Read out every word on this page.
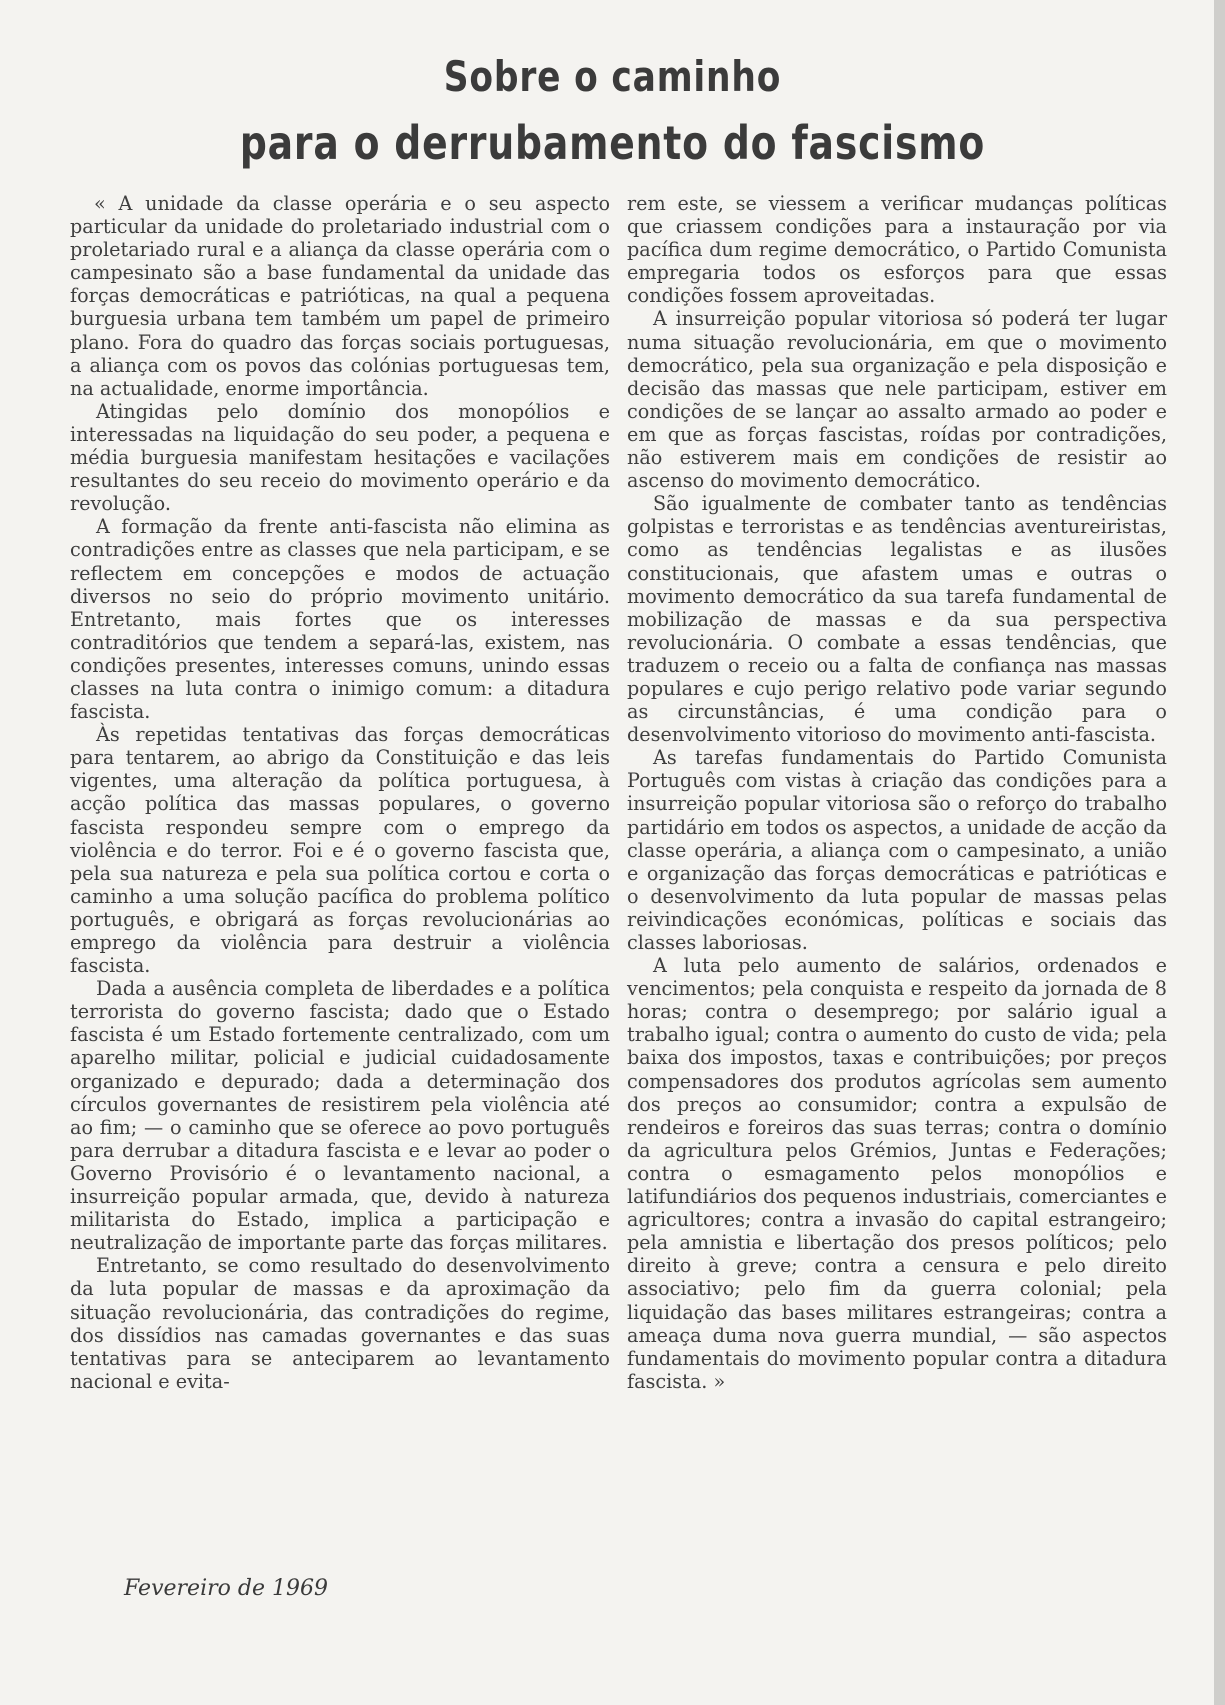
Sobre o caminho
para o derrubamento do fascismo

« A unidade da classe operária e o seu aspecto particular da unidade do proletariado industrial com o proletariado rural e a aliança da classe operária com o campesinato são a base fundamental da unidade das forças democráticas e patrióticas, na qual a pequena burguesia urbana tem também um papel de primeiro plano. Fora do quadro das forças sociais portuguesas, a aliança com os povos das colónias portuguesas tem, na actualidade, enorme importância.

Atingidas pelo domínio dos monopólios e interessadas na liquidação do seu poder, a pequena e média burguesia manifestam hesitações e vacilações resultantes do seu receio do movimento operário e da revolução.

A formação da frente anti-fascista não elimina as contradições entre as classes que nela participam, e se reflectem em concepções e modos de actuação diversos no seio do próprio movimento unitário. Entretanto, mais fortes que os interesses contraditórios que tendem a separá-las, existem, nas condições presentes, interesses comuns, unindo essas classes na luta contra o inimigo comum: a ditadura fascista.

Às repetidas tentativas das forças democráticas para tentarem, ao abrigo da Constituição e das leis vigentes, uma alteração da política portuguesa, à acção política das massas populares, o governo fascista respondeu sempre com o emprego da violência e do terror. Foi e é o governo fascista que, pela sua natureza e pela sua política cortou e corta o caminho a uma solução pacífica do problema político português, e obrigará as forças revolucionárias ao emprego da violência para destruir a violência fascista.

Dada a ausência completa de liberdades e a política terrorista do governo fascista; dado que o Estado fascista é um Estado fortemente centralizado, com um aparelho militar, policial e judicial cuidadosamente organizado e depurado; dada a determinação dos círculos governantes de resistirem pela violência até ao fim; — o caminho que se oferece ao povo português para derrubar a ditadura fascista e e levar ao poder o Governo Provisório é o levantamento nacional, a insurreição popular armada, que, devido à natureza militarista do Estado, implica a participação e neutralização de importante parte das forças militares.

Entretanto, se como resultado do desenvolvimento da luta popular de massas e da aproximação da situação revolucionária, das contradições do regime, dos dissídios nas camadas governantes e das suas tentativas para se anteciparem ao levantamento nacional e evita-

rem este, se viessem a verificar mudanças políticas que criassem condições para a instauração por via pacífica dum regime democrático, o Partido Comunista empregaria todos os esforços para que essas condições fossem aproveitadas.

A insurreição popular vitoriosa só poderá ter lugar numa situação revolucionária, em que o movimento democrático, pela sua organização e pela disposição e decisão das massas que nele participam, estiver em condições de se lançar ao assalto armado ao poder e em que as forças fascistas, roídas por contradições, não estiverem mais em condições de resistir ao ascenso do movimento democrático.

São igualmente de combater tanto as tendências golpistas e terroristas e as tendências aventureiristas, como as tendências legalistas e as ilusões constitucionais, que afastem umas e outras o movimento democrático da sua tarefa fundamental de mobilização de massas e da sua perspectiva revolucionária. O combate a essas tendências, que traduzem o receio ou a falta de confiança nas massas populares e cujo perigo relativo pode variar segundo as circunstâncias, é uma condição para o desenvolvimento vitorioso do movimento anti-fascista.

As tarefas fundamentais do Partido Comunista Português com vistas à criação das condições para a insurreição popular vitoriosa são o reforço do trabalho partidário em todos os aspectos, a unidade de acção da classe operária, a aliança com o campesinato, a união e organização das forças democráticas e patrióticas e o desenvolvimento da luta popular de massas pelas reivindicações económicas, políticas e sociais das classes laboriosas.

A luta pelo aumento de salários, ordenados e vencimentos; pela conquista e respeito da jornada de 8 horas; contra o desemprego; por salário igual a trabalho igual; contra o aumento do custo de vida; pela baixa dos impostos, taxas e contribuições; por preços compensadores dos produtos agrícolas sem aumento dos preços ao consumidor; contra a expulsão de rendeiros e foreiros das suas terras; contra o domínio da agricultura pelos Grémios, Juntas e Federações; contra o esmagamento pelos monopólios e latifundiários dos pequenos industriais, comerciantes e agricultores; contra a invasão do capital estrangeiro; pela amnistia e libertação dos presos políticos; pelo direito à greve; contra a censura e pelo direito associativo; pelo fim da guerra colonial; pela liquidação das bases militares estrangeiras; contra a ameaça duma nova guerra mundial, — são aspectos fundamentais do movimento popular contra a ditadura fascista. »

Fevereiro de 1969
